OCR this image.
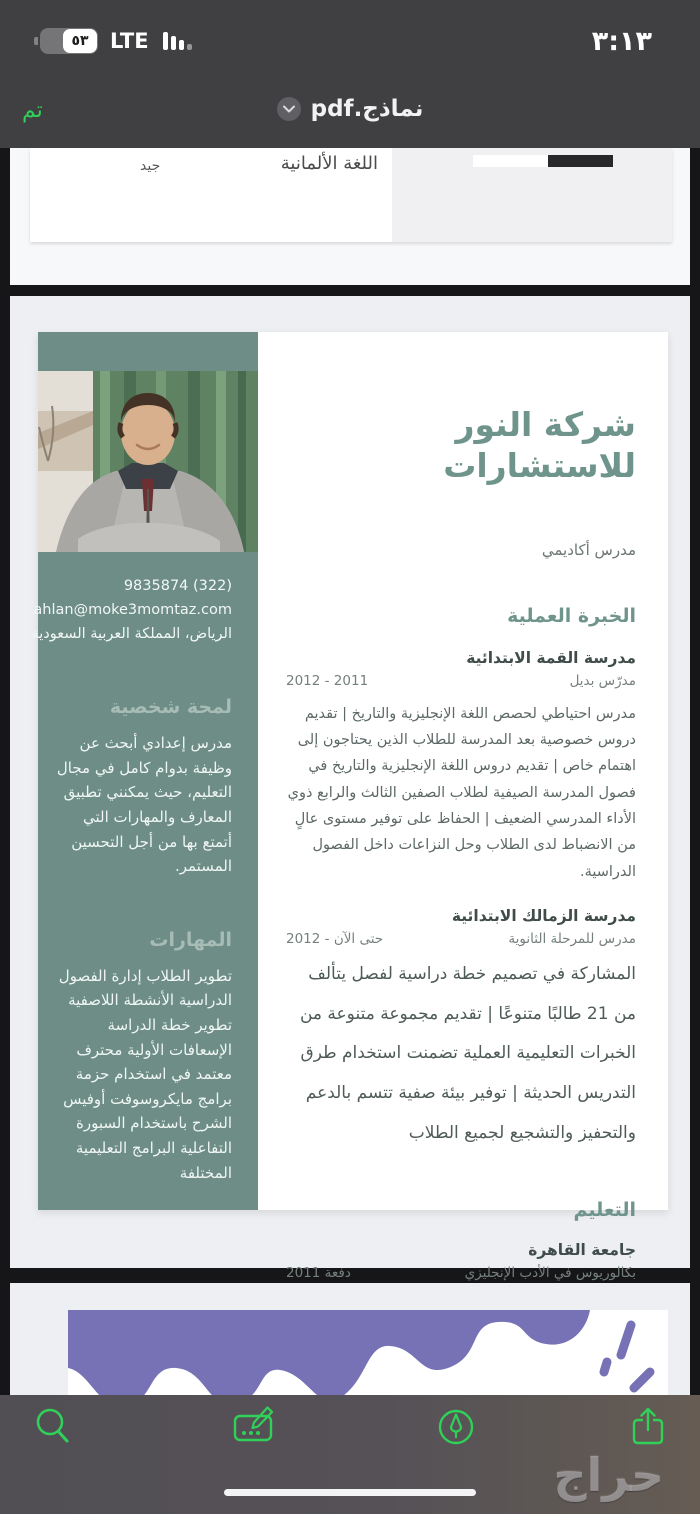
٣:١٣
٥٣ LTE
تم	نماذج.pdf
اللغة الألمانية
جيد
9835874 (322)
ahlan@moke3momtaz.com
الرياض، المملكة العربية السعودية
لمحة شخصية
مدرس إعدادي أبحث عن وظيفة بدوام كامل في مجال التعليم، حيث يمكنني تطبيق المعارف والمهارات التي أتمتع بها من أجل التحسين المستمر.
المهارات
تطوير الطلاب إدارة الفصول الدراسية الأنشطة اللاصفية تطوير خطة الدراسة الإسعافات الأولية محترف معتمد في استخدام حزمة برامج مايكروسوفت أوفيس الشرح باستخدام السبورة التفاعلية البرامج التعليمية المختلفة
شركة النور للاستشارات
مدرس أكاديمي
الخبرة العملية
مدرسة القمة الابتدائية
مدرّس بديل
2012 - 2011
مدرس احتياطي لحصص اللغة الإنجليزية والتاريخ | تقديم دروس خصوصية بعد المدرسة للطلاب الذين يحتاجون إلى اهتمام خاص | تقديم دروس اللغة الإنجليزية والتاريخ في فصول المدرسة الصيفية لطلاب الصفين الثالث والرابع ذوي الأداء المدرسي الضعيف | الحفاظ على توفير مستوى عالٍ من الانضباط لدى الطلاب وحل النزاعات داخل الفصول الدراسية.
مدرسة الزمالك الابتدائية
مدرس للمرحلة الثانوية
2012 - حتى الآن
المشاركة في تصميم خطة دراسية لفصل يتألف من 21 طالبًا متنوعًا | تقديم مجموعة متنوعة من الخبرات التعليمية العملية تضمنت استخدام طرق التدريس الحديثة | توفير بيئة صفية تتسم بالدعم والتحفيز والتشجيع لجميع الطلاب
التعليم
جامعة القاهرة
بكالوريوس في الأدب الإنجليزي
دفعة 2011
حراج
